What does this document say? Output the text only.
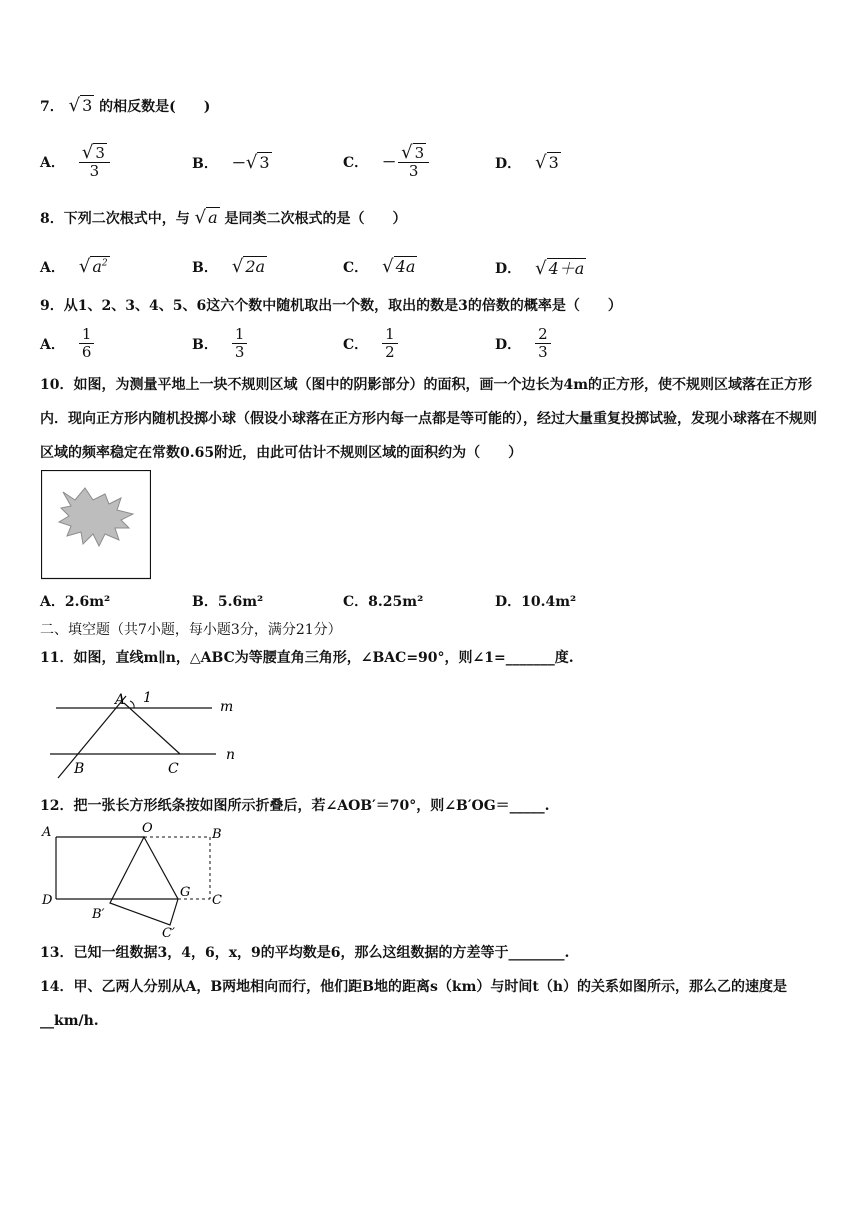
7． √ 3 的相反数是(　　)
A． $\frac{√ 3}{3}$	B． － √ 3	C． － $\frac{√ 3}{3}$	D． √ 3
8．下列二次根式中，与 √ a 是同类二次根式的是（　　）
A． √ $a^2$	B． √ 2a	C． √ 4a	D． √ 4＋a
9．从1、2、3、4、5、6这六个数中随机取出一个数，取出的数是3的倍数的概率是（　　）
A． $\frac{1}{6}$	B． $\frac{1}{3}$	C． $\frac{1}{2}$	D． $\frac{2}{3}$
10．如图，为测量平地上一块不规则区域（图中的阴影部分）的面积，画一个边长为4m的正方形，使不规则区域落在正方形内．现向正方形内随机投掷小球（假设小球落在正方形内每一点都是等可能的），经过大量重复投掷试验，发现小球落在不规则区域的频率稳定在常数0.65附近，由此可估计不规则区域的面积约为（　　）
A．2.6m²	B．5.6m²	C．8.25m²	D．10.4m²
二、填空题（共7小题，每小题3分，满分21分）
11．如图，直线m∥n，△ABC为等腰直角三角形，∠BAC=90°，则∠1=_______度.
A 1
m
B	C
n
12．把一张长方形纸条按如图所示折叠后，若∠AOB′＝70°，则∠B′OG＝_____.
A	O	B
D
B′
G
C
C′
13．已知一组数据3，4，6，x，9的平均数是6，那么这组数据的方差等于________.
14．甲、乙两人分别从A，B两地相向而行，他们距B地的距离s（km）与时间t（h）的关系如图所示，那么乙的速度是__km/h.
